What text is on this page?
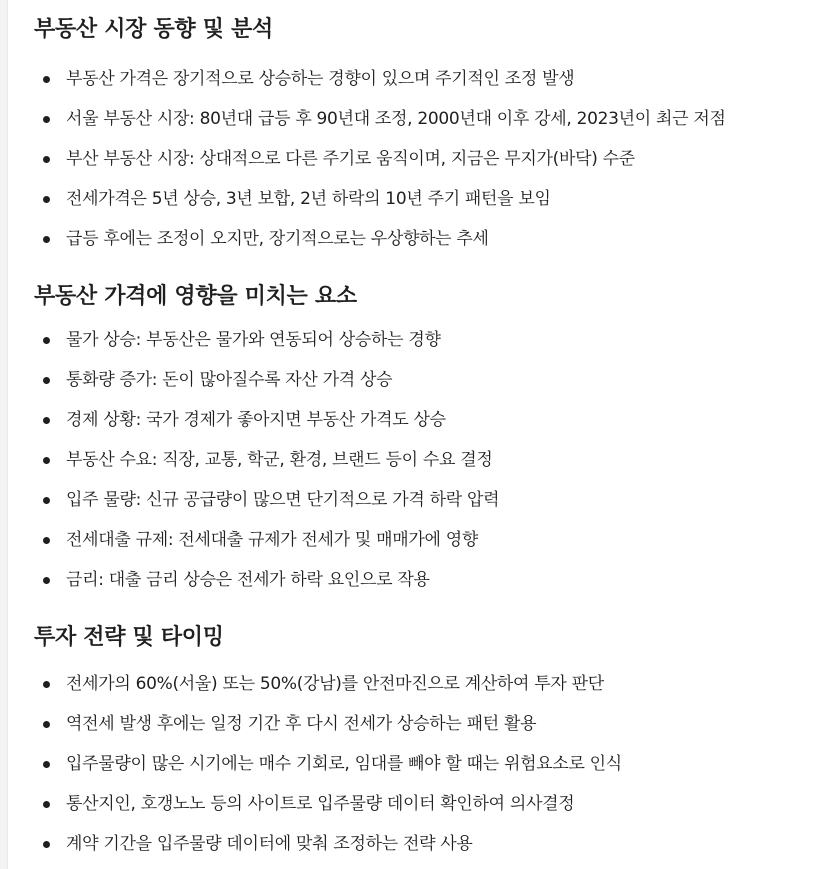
부동산 시장 동향 및 분석
부동산 가격은 장기적으로 상승하는 경향이 있으며 주기적인 조정 발생
서울 부동산 시장: 80년대 급등 후 90년대 조정, 2000년대 이후 강세, 2023년이 최근 저점
부산 부동산 시장: 상대적으로 다른 주기로 움직이며, 지금은 무지가(바닥) 수준
전세가격은 5년 상승, 3년 보합, 2년 하락의 10년 주기 패턴을 보임
급등 후에는 조정이 오지만, 장기적으로는 우상향하는 추세
부동산 가격에 영향을 미치는 요소
물가 상승: 부동산은 물가와 연동되어 상승하는 경향
통화량 증가: 돈이 많아질수록 자산 가격 상승
경제 상황: 국가 경제가 좋아지면 부동산 가격도 상승
부동산 수요: 직장, 교통, 학군, 환경, 브랜드 등이 수요 결정
입주 물량: 신규 공급량이 많으면 단기적으로 가격 하락 압력
전세대출 규제: 전세대출 규제가 전세가 및 매매가에 영향
금리: 대출 금리 상승은 전세가 하락 요인으로 작용
투자 전략 및 타이밍
전세가의 60%(서울) 또는 50%(강남)를 안전마진으로 계산하여 투자 판단
역전세 발생 후에는 일정 기간 후 다시 전세가 상승하는 패턴 활용
입주물량이 많은 시기에는 매수 기회로, 임대를 빼야 할 때는 위험요소로 인식
통산지인, 호갱노노 등의 사이트로 입주물량 데이터 확인하여 의사결정
계약 기간을 입주물량 데이터에 맞춰 조정하는 전략 사용
